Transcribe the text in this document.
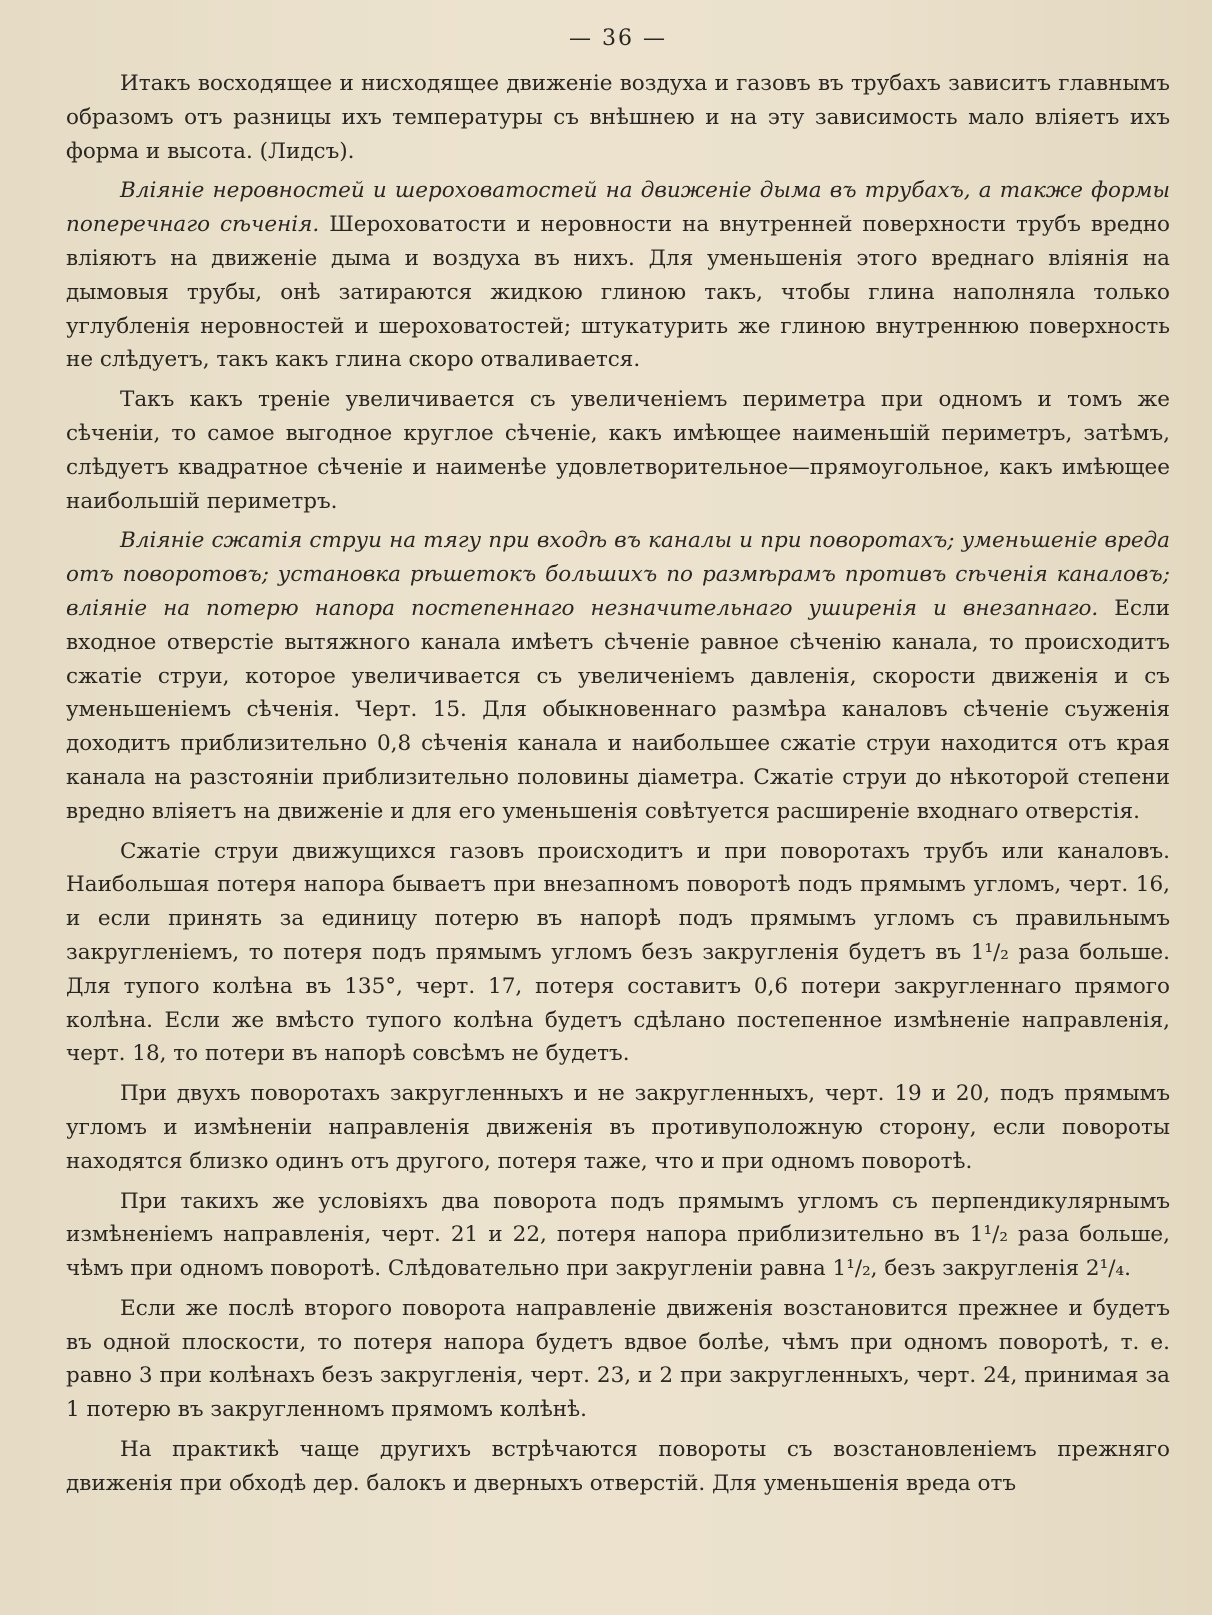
— 36 —

Итакъ восходящее и нисходящее движеніе воздуха и газовъ въ трубахъ зависитъ главнымъ образомъ отъ разницы ихъ температуры съ внѣшнею и на эту зависимость мало вліяетъ ихъ форма и высота. (Лидсъ).

Вліяніе неровностей и шероховатостей на движеніе дыма въ трубахъ, а также формы поперечнаго сѣченія. Шероховатости и неровности на внутренней поверхности трубъ вредно вліяютъ на движеніе дыма и воздуха въ нихъ. Для уменьшенія этого вреднаго вліянія на дымовыя трубы, онѣ затираются жидкою глиною такъ, чтобы глина наполняла только углубленія неровностей и шероховатостей; штукатурить же глиною внутреннюю поверхность не слѣдуетъ, такъ какъ глина скоро отваливается.

Такъ какъ треніе увеличивается съ увеличеніемъ периметра при одномъ и томъ же сѣченіи, то самое выгодное круглое сѣченіе, какъ имѣющее наименьшій периметръ, затѣмъ, слѣдуетъ квадратное сѣченіе и наименѣе удовлетворительное—прямоугольное, какъ имѣющее наибольшій периметръ.

Вліяніе сжатія струи на тягу при входѣ въ каналы и при поворотахъ; уменьшеніе вреда отъ поворотовъ; установка рѣшетокъ большихъ по размѣрамъ противъ сѣченія каналовъ; вліяніе на потерю напора постепеннаго незначительнаго уширенія и внезапнаго. Если входное отверстіе вытяжного канала имѣетъ сѣченіе равное сѣченію канала, то происходитъ сжатіе струи, которое увеличивается съ увеличеніемъ давленія, скорости движенія и съ уменьшеніемъ сѣченія. Черт. 15. Для обыкновеннаго размѣра каналовъ сѣченіе съуженія доходитъ приблизительно 0,8 сѣченія канала и наибольшее сжатіе струи находится отъ края канала на разстояніи приблизительно половины діаметра. Сжатіе струи до нѣкоторой степени вредно вліяетъ на движеніе и для его уменьшенія совѣтуется расширеніе входнаго отверстія.

Сжатіе струи движущихся газовъ происходитъ и при поворотахъ трубъ или каналовъ. Наибольшая потеря напора бываетъ при внезапномъ поворотѣ подъ прямымъ угломъ, черт. 16, и если принять за единицу потерю въ напорѣ подъ прямымъ угломъ съ правильнымъ закругленіемъ, то потеря подъ прямымъ угломъ безъ закругленія будетъ въ 1¹/₂ раза больше. Для тупого колѣна въ 135°, черт. 17, потеря составитъ 0,6 потери закругленнаго прямого колѣна. Если же вмѣсто тупого колѣна будетъ сдѣлано постепенное измѣненіе направленія, черт. 18, то потери въ напорѣ совсѣмъ не будетъ.

При двухъ поворотахъ закругленныхъ и не закругленныхъ, черт. 19 и 20, подъ прямымъ угломъ и измѣненіи направленія движенія въ противуположную сторону, если повороты находятся близко одинъ отъ другого, потеря таже, что и при одномъ поворотѣ.

При такихъ же условіяхъ два поворота подъ прямымъ угломъ съ перпендикулярнымъ измѣненіемъ направленія, черт. 21 и 22, потеря напора приблизительно въ 1¹/₂ раза больше, чѣмъ при одномъ поворотѣ. Слѣдовательно при закругленіи равна 1¹/₂, безъ закругленія 2¹/₄.

Если же послѣ второго поворота направленіе движенія возстановится прежнее и будетъ въ одной плоскости, то потеря напора будетъ вдвое болѣе, чѣмъ при одномъ поворотѣ, т. е. равно 3 при колѣнахъ безъ закругленія, черт. 23, и 2 при закругленныхъ, черт. 24, принимая за 1 потерю въ закругленномъ прямомъ колѣнѣ.

На практикѣ чаще другихъ встрѣчаются повороты съ возстановленіемъ прежняго движенія при обходѣ дер. балокъ и дверныхъ отверстій. Для уменьшенія вреда отъ
